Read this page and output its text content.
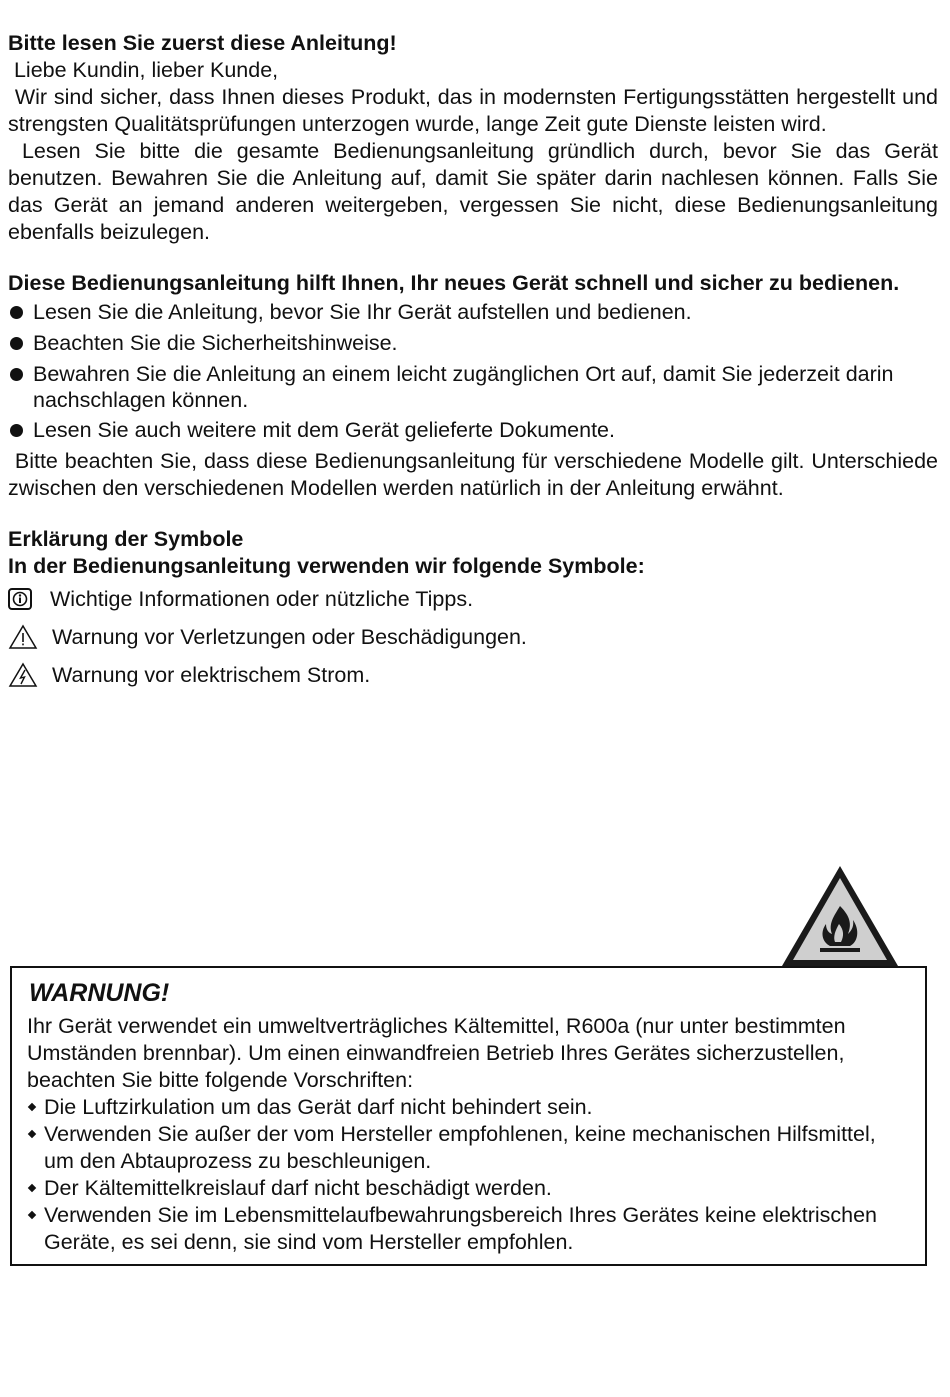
Bitte lesen Sie zuerst diese Anleitung!

Liebe Kundin, lieber Kunde,

Wir sind sicher, dass Ihnen dieses Produkt, das in modernsten Fertigungsstätten hergestellt und strengsten Qualitätsprüfungen unterzogen wurde, lange Zeit gute Dienste leisten wird.

Lesen Sie bitte die gesamte Bedienungsanleitung gründlich durch, bevor Sie das Gerät benutzen. Bewahren Sie die Anleitung auf, damit Sie später darin nachlesen können. Falls Sie das Gerät an jemand anderen weitergeben, vergessen Sie nicht, diese Bedienungsanleitung ebenfalls beizulegen.

Diese Bedienungsanleitung hilft Ihnen, Ihr neues Gerät schnell und sicher zu bedienen.

Lesen Sie die Anleitung, bevor Sie Ihr Gerät aufstellen und bedienen.
Beachten Sie die Sicherheitshinweise.
Bewahren Sie die Anleitung an einem leicht zugänglichen Ort auf, damit Sie jederzeit darin nachschlagen können.
Lesen Sie auch weitere mit dem Gerät gelieferte Dokumente.

Bitte beachten Sie, dass diese Bedienungsanleitung für verschiedene Modelle gilt. Unterschiede zwischen den verschiedenen Modellen werden natürlich in der Anleitung erwähnt.

Erklärung der Symbole

In der Bedienungsanleitung verwenden wir folgende Symbole:

Wichtige Informationen oder nützliche Tipps.
Warnung vor Verletzungen oder Beschädigungen.
Warnung vor elektrischem Strom.

WARNUNG!

Ihr Gerät verwendet ein umweltverträgliches Kältemittel, R600a (nur unter bestimmten Umständen brennbar). Um einen einwandfreien Betrieb Ihres Gerätes sicherzustellen, beachten Sie bitte folgende Vorschriften:

Die Luftzirkulation um das Gerät darf nicht behindert sein.
Verwenden Sie außer der vom Hersteller empfohlenen, keine mechanischen Hilfsmittel, um den Abtauprozess zu beschleunigen.
Der Kältemittelkreislauf darf nicht beschädigt werden.
Verwenden Sie im Lebensmittelaufbewahrungsbereich Ihres Gerätes keine elektrischen Geräte, es sei denn, sie sind vom Hersteller empfohlen.
